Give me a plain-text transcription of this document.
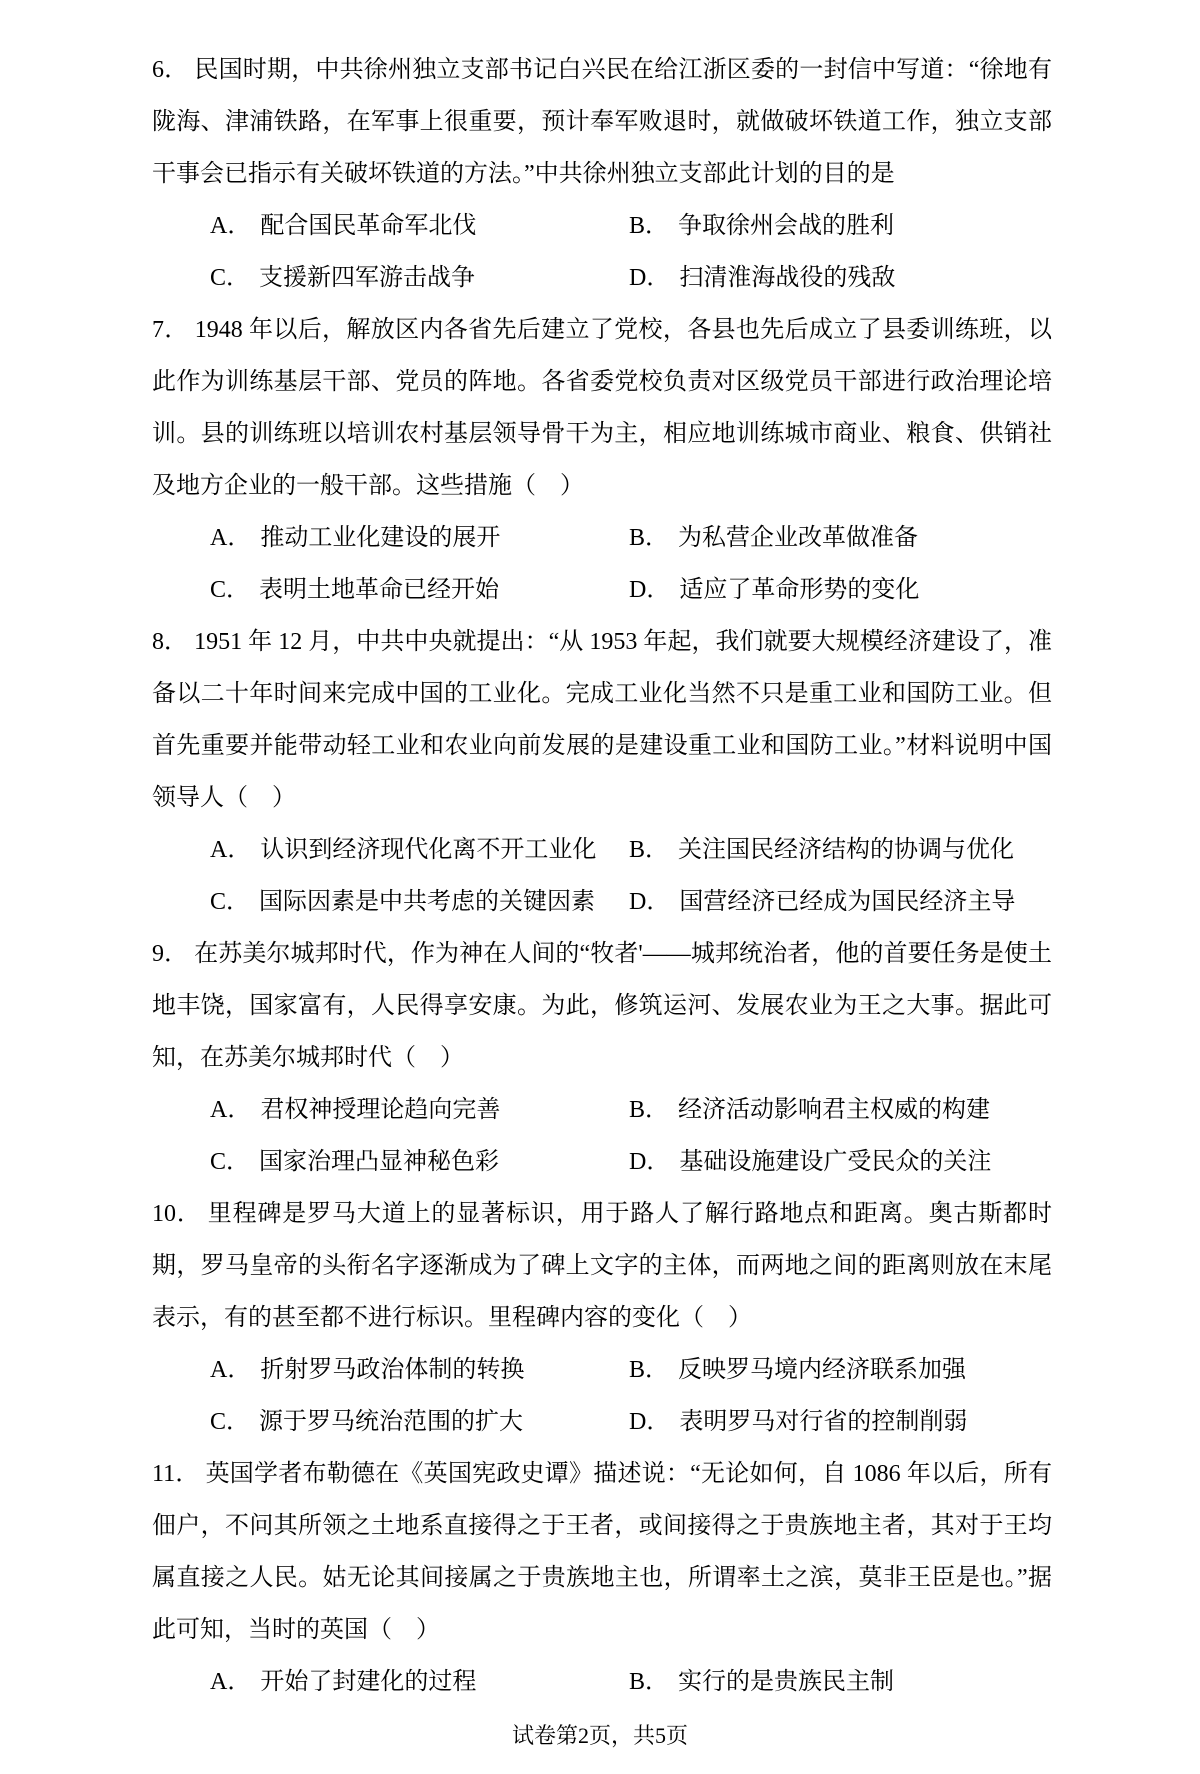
6． 民国时期，中共徐州独立支部书记白兴民在给江浙区委的一封信中写道：“徐地有陇海、津浦铁路，在军事上很重要，预计奉军败退时，就做破坏铁道工作，独立支部干事会已指示有关破坏铁道的方法。”中共徐州独立支部此计划的目的是

A． 配合国民革命军北伐	B． 争取徐州会战的胜利
C． 支援新四军游击战争	D． 扫清淮海战役的残敌

7． 1948 年以后，解放区内各省先后建立了党校，各县也先后成立了县委训练班，以此作为训练基层干部、党员的阵地。各省委党校负责对区级党员干部进行政治理论培训。县的训练班以培训农村基层领导骨干为主，相应地训练城市商业、粮食、供销社及地方企业的一般干部。这些措施（　）

A． 推动工业化建设的展开	B． 为私营企业改革做准备
C． 表明土地革命已经开始	D． 适应了革命形势的变化

8． 1951 年 12 月，中共中央就提出：“从 1953 年起，我们就要大规模经济建设了，准备以二十年时间来完成中国的工业化。完成工业化当然不只是重工业和国防工业。但首先重要并能带动轻工业和农业向前发展的是建设重工业和国防工业。”材料说明中国领导人（　）

A． 认识到经济现代化离不开工业化	B． 关注国民经济结构的协调与优化
C． 国际因素是中共考虑的关键因素	D． 国营经济已经成为国民经济主导

9． 在苏美尔城邦时代，作为神在人间的“牧者'——城邦统治者，他的首要任务是使土地丰饶，国家富有，人民得享安康。为此，修筑运河、发展农业为王之大事。据此可知，在苏美尔城邦时代（　）

A． 君权神授理论趋向完善	B． 经济活动影响君主权威的构建
C． 国家治理凸显神秘色彩	D． 基础设施建设广受民众的关注

10． 里程碑是罗马大道上的显著标识，用于路人了解行路地点和距离。奥古斯都时期，罗马皇帝的头衔名字逐渐成为了碑上文字的主体，而两地之间的距离则放在末尾表示，有的甚至都不进行标识。里程碑内容的变化（　）

A． 折射罗马政治体制的转换	B． 反映罗马境内经济联系加强
C． 源于罗马统治范围的扩大	D． 表明罗马对行省的控制削弱

11． 英国学者布勒德在《英国宪政史谭》描述说：“无论如何，自 1086 年以后，所有佃户，不问其所领之土地系直接得之于王者，或间接得之于贵族地主者，其对于王均属直接之人民。姑无论其间接属之于贵族地主也，所谓率土之滨，莫非王臣是也。”据此可知，当时的英国（　）

A． 开始了封建化的过程	B． 实行的是贵族民主制
试卷第2页，共5页
